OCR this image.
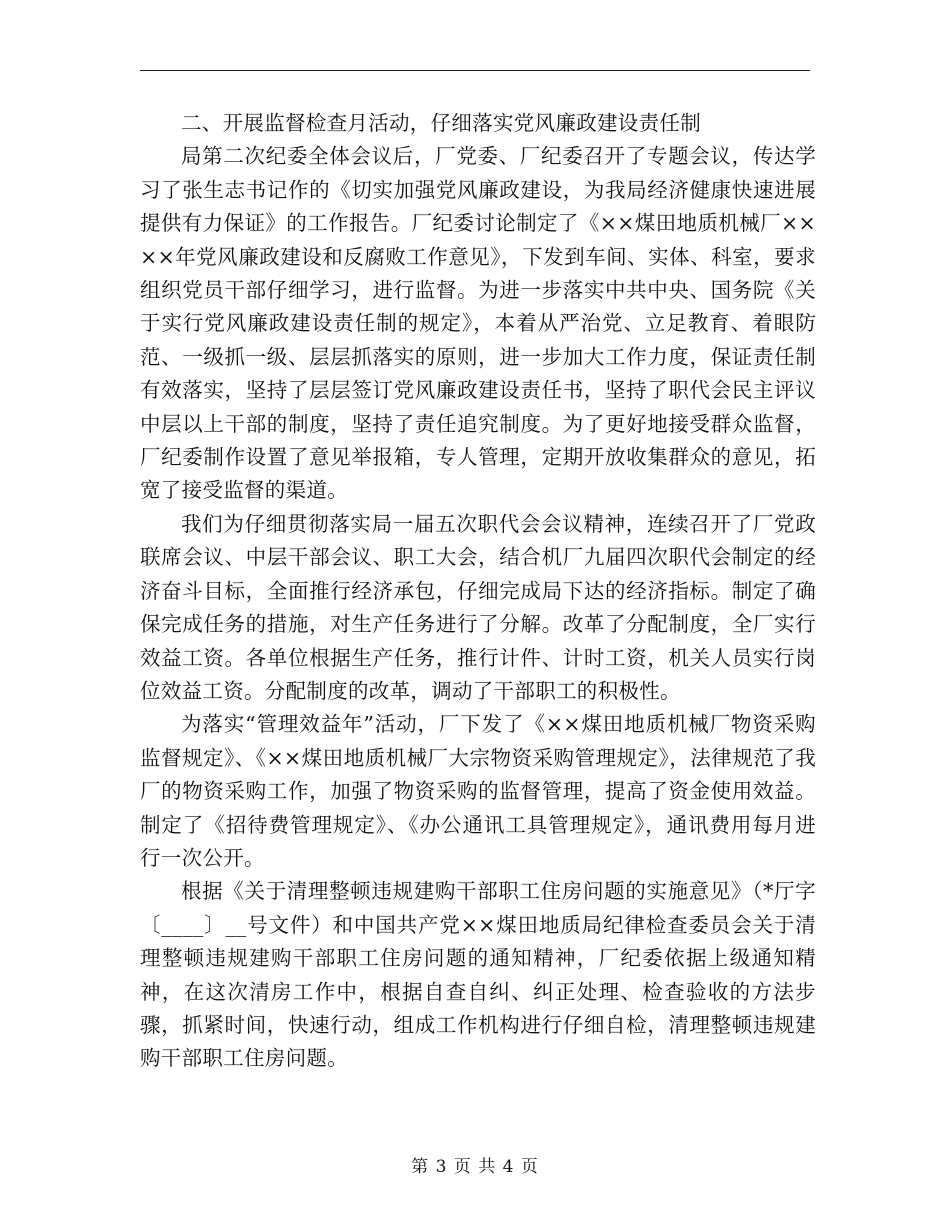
二、开展监督检查月活动，仔细落实党风廉政建设责任制

局第二次纪委全体会议后，厂党委、厂纪委召开了专题会议，传达学习了张生志书记作的《切实加强党风廉政建设，为我局经济健康快速进展提供有力保证》的工作报告。厂纪委讨论制定了《××煤田地质机械厂××××年党风廉政建设和反腐败工作意见》，下发到车间、实体、科室，要求组织党员干部仔细学习，进行监督。为进一步落实中共中央、国务院《关于实行党风廉政建设责任制的规定》，本着从严治党、立足教育、着眼防范、一级抓一级、层层抓落实的原则，进一步加大工作力度，保证责任制有效落实，坚持了层层签订党风廉政建设责任书，坚持了职代会民主评议中层以上干部的制度，坚持了责任追究制度。为了更好地接受群众监督，厂纪委制作设置了意见举报箱，专人管理，定期开放收集群众的意见，拓宽了接受监督的渠道。

我们为仔细贯彻落实局一届五次职代会会议精神，连续召开了厂党政联席会议、中层干部会议、职工大会，结合机厂九届四次职代会制定的经济奋斗目标，全面推行经济承包，仔细完成局下达的经济指标。制定了确保完成任务的措施，对生产任务进行了分解。改革了分配制度，全厂实行效益工资。各单位根据生产任务，推行计件、计时工资，机关人员实行岗位效益工资。分配制度的改革，调动了干部职工的积极性。

为落实“管理效益年”活动，厂下发了《××煤田地质机械厂物资采购监督规定》、《××煤田地质机械厂大宗物资采购管理规定》，法律规范了我厂的物资采购工作，加强了物资采购的监督管理，提高了资金使用效益。制定了《招待费管理规定》、《办公通讯工具管理规定》，通讯费用每月进行一次公开。

根据《关于清理整顿违规建购干部职工住房问题的实施意见》（*厅字〔____〕__号文件）和中国共产党××煤田地质局纪律检查委员会关于清理整顿违规建购干部职工住房问题的通知精神，厂纪委依据上级通知精神，在这次清房工作中，根据自查自纠、纠正处理、检查验收的方法步骤，抓紧时间，快速行动，组成工作机构进行仔细自检，清理整顿违规建购干部职工住房问题。

第 3 页 共 4 页
